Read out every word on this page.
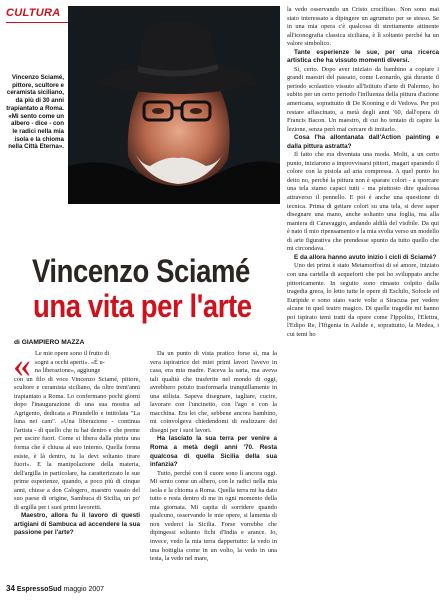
CULTURA
Vincenzo Sciamé, pittore, scultore e ceramista siciliano, da più di 30 anni trapiantato a Roma. «Mi sento come un albero - dice - con le radici nella mia isola e la chioma nella Città Eterna».
Vincenzo Sciamé
una vita per l'arte
di GIAMPIERO MAZZA
« Le mie opere sono il frutto di
sogni a occhi aperti». «È u-
na liberazione», aggiunge

con un filo di voce Vincenzo Sciamé, pittore, scultore e ceramista siciliano, da oltre trent'anni trapiantato a Roma. Lo confermano pochi giorni dopo l'inaugurazione di una sua mostra ad Agrigento, dedicata a Pirandello e intitolata "La luna nei cam". «Una liberazione - continua l'artista - di quello che tu hai dentro e che preme per uscire fuori. Come si libera dalla pietra una forma che è chiusa al suo interno. Quella forma esiste, è là dentro, tu la devi soltanto tirare fuori». E la manipolazione della materia, dell'argilla in particolare, ha caratterizzato le sue prime esperienze, quando, a poco più di cinque anni, chiese a don Calogero, maestro vasaio del suo paese di origine, Sambuca di Sicilia, un po' di argilla per i suoi primi lavoretti.

Maestro, allora fu il lavoro di questi artigiani di Sambuca ad accendere la sua passione per l'arte?

Da un punto di vista pratico forse sì, ma la vera ispiratrice dei miei primi lavori l'avevo in casa, era mia madre. Faceva la sarta, ma aveva tali qualità che trasferite nel mondo di oggi, avrebbero potuto trasformarla tranquillamente in una stilista. Sapeva disegnare, tagliare, cucire, lavorare con l'uncinetto, con l'ago e con la macchina. Era lei che, sebbene ancora bambino, mi coinvolgeva chiedendomi di realizzare dei disegni per i suoi lavori.

Ha lasciato la sua terra per venire a Roma a metà degli anni '70. Resta qualcosa di quella Sicilia della sua infanzia?

Tutto, perché con il cuore sono lì ancora oggi. Mi sento come un albero, con le radici nella mia isola e la chioma a Roma. Quella terra mi ha dato tutto e resta dentro di me in ogni momento della mia giornata. Mi capita di sorridere quando qualcuno, osservando le mie opere, si lamenta di non vederci la Sicilia. Forse vorrebbe che dipingessi soltanto fichi d'India e arance. Io, invece, vedo la mia terra dappertutto: la vedo in una bottiglia come in un volto, la vedo in una testa, la vedo nel mare,

la vedo osservando un Cristo crocifisso. Non sono mai stato interessato a dipingere un agrumeto per se stesso. Se in una mia opera c'è qualcosa di strettamente attinente all'iconografia classica siciliana, è lì soltanto perché ha un valore simbolico.

Tante esperienze le sue, per una ricerca artistica che ha vissuto momenti diversi.

Sì, certo. Dopo aver iniziato da bambino a copiare i grandi maestri del passato, come Leonardo, già durante il periodo scolastico vissuto all'Istituto d'arte di Palermo, ho subito per un certo periodo l'influenza della pittura d'azione americana, soprattutto di De Kooning e di Vedova. Per poi restare affascinato, a metà degli anni '60, dall'opera di Francis Bacon. Un maestro, di cui ho tentato di capire la lezione, senza però mai cercare di imitarlo.

Cosa l'ha allontanata dall'Action painting e dalla pittura astratta?

Il fatto che era diventata una moda. Molti, a un certo punto, iniziarono a improvvisarsi pittori, magari sparando il colore con la pistola ad aria compressa. A quel punto ho detto no, perché la pittura non è sparare colori - a sporcare una tela siamo capaci tutti - ma piuttosto dire qualcosa attraverso il pennello. E poi è anche una questione di tecnica. Prima di gettare colori su una tela, si deve saper disegnare una mano, anche soltanto una foglia, ma alla maniera di Caravaggio, andando aldilà del visibile. Da qui è nato il mio ripensamento e la mia svolta verso un modello di arte figurativa che prendesse spunto da tutto quello che mi circondava.

E da allora hanno avuto inizio i cicli di Sciamé?

Uno dei primi è stato Metamorfosi di sé amore, iniziato con una cartella di acqueforti che poi ho sviluppato anche pittoricamente. In seguito sono rimasto colpito dalla tragedia greca, lo letto tutte le opere di Eschilo, Sofocle ed Euripide e sono stato varie volte a Siracusa per vedere alcune in quel teatro magico. Di quelle tragedie mi hanno poi ispirato temi tratti da opere come l'Ippolito, l'Elettra, l'Edipo Re, l'Ifigenia in Aulide e, soprattutto, la Medea, i cui temi ho

34 EspressoSud maggio 2007
